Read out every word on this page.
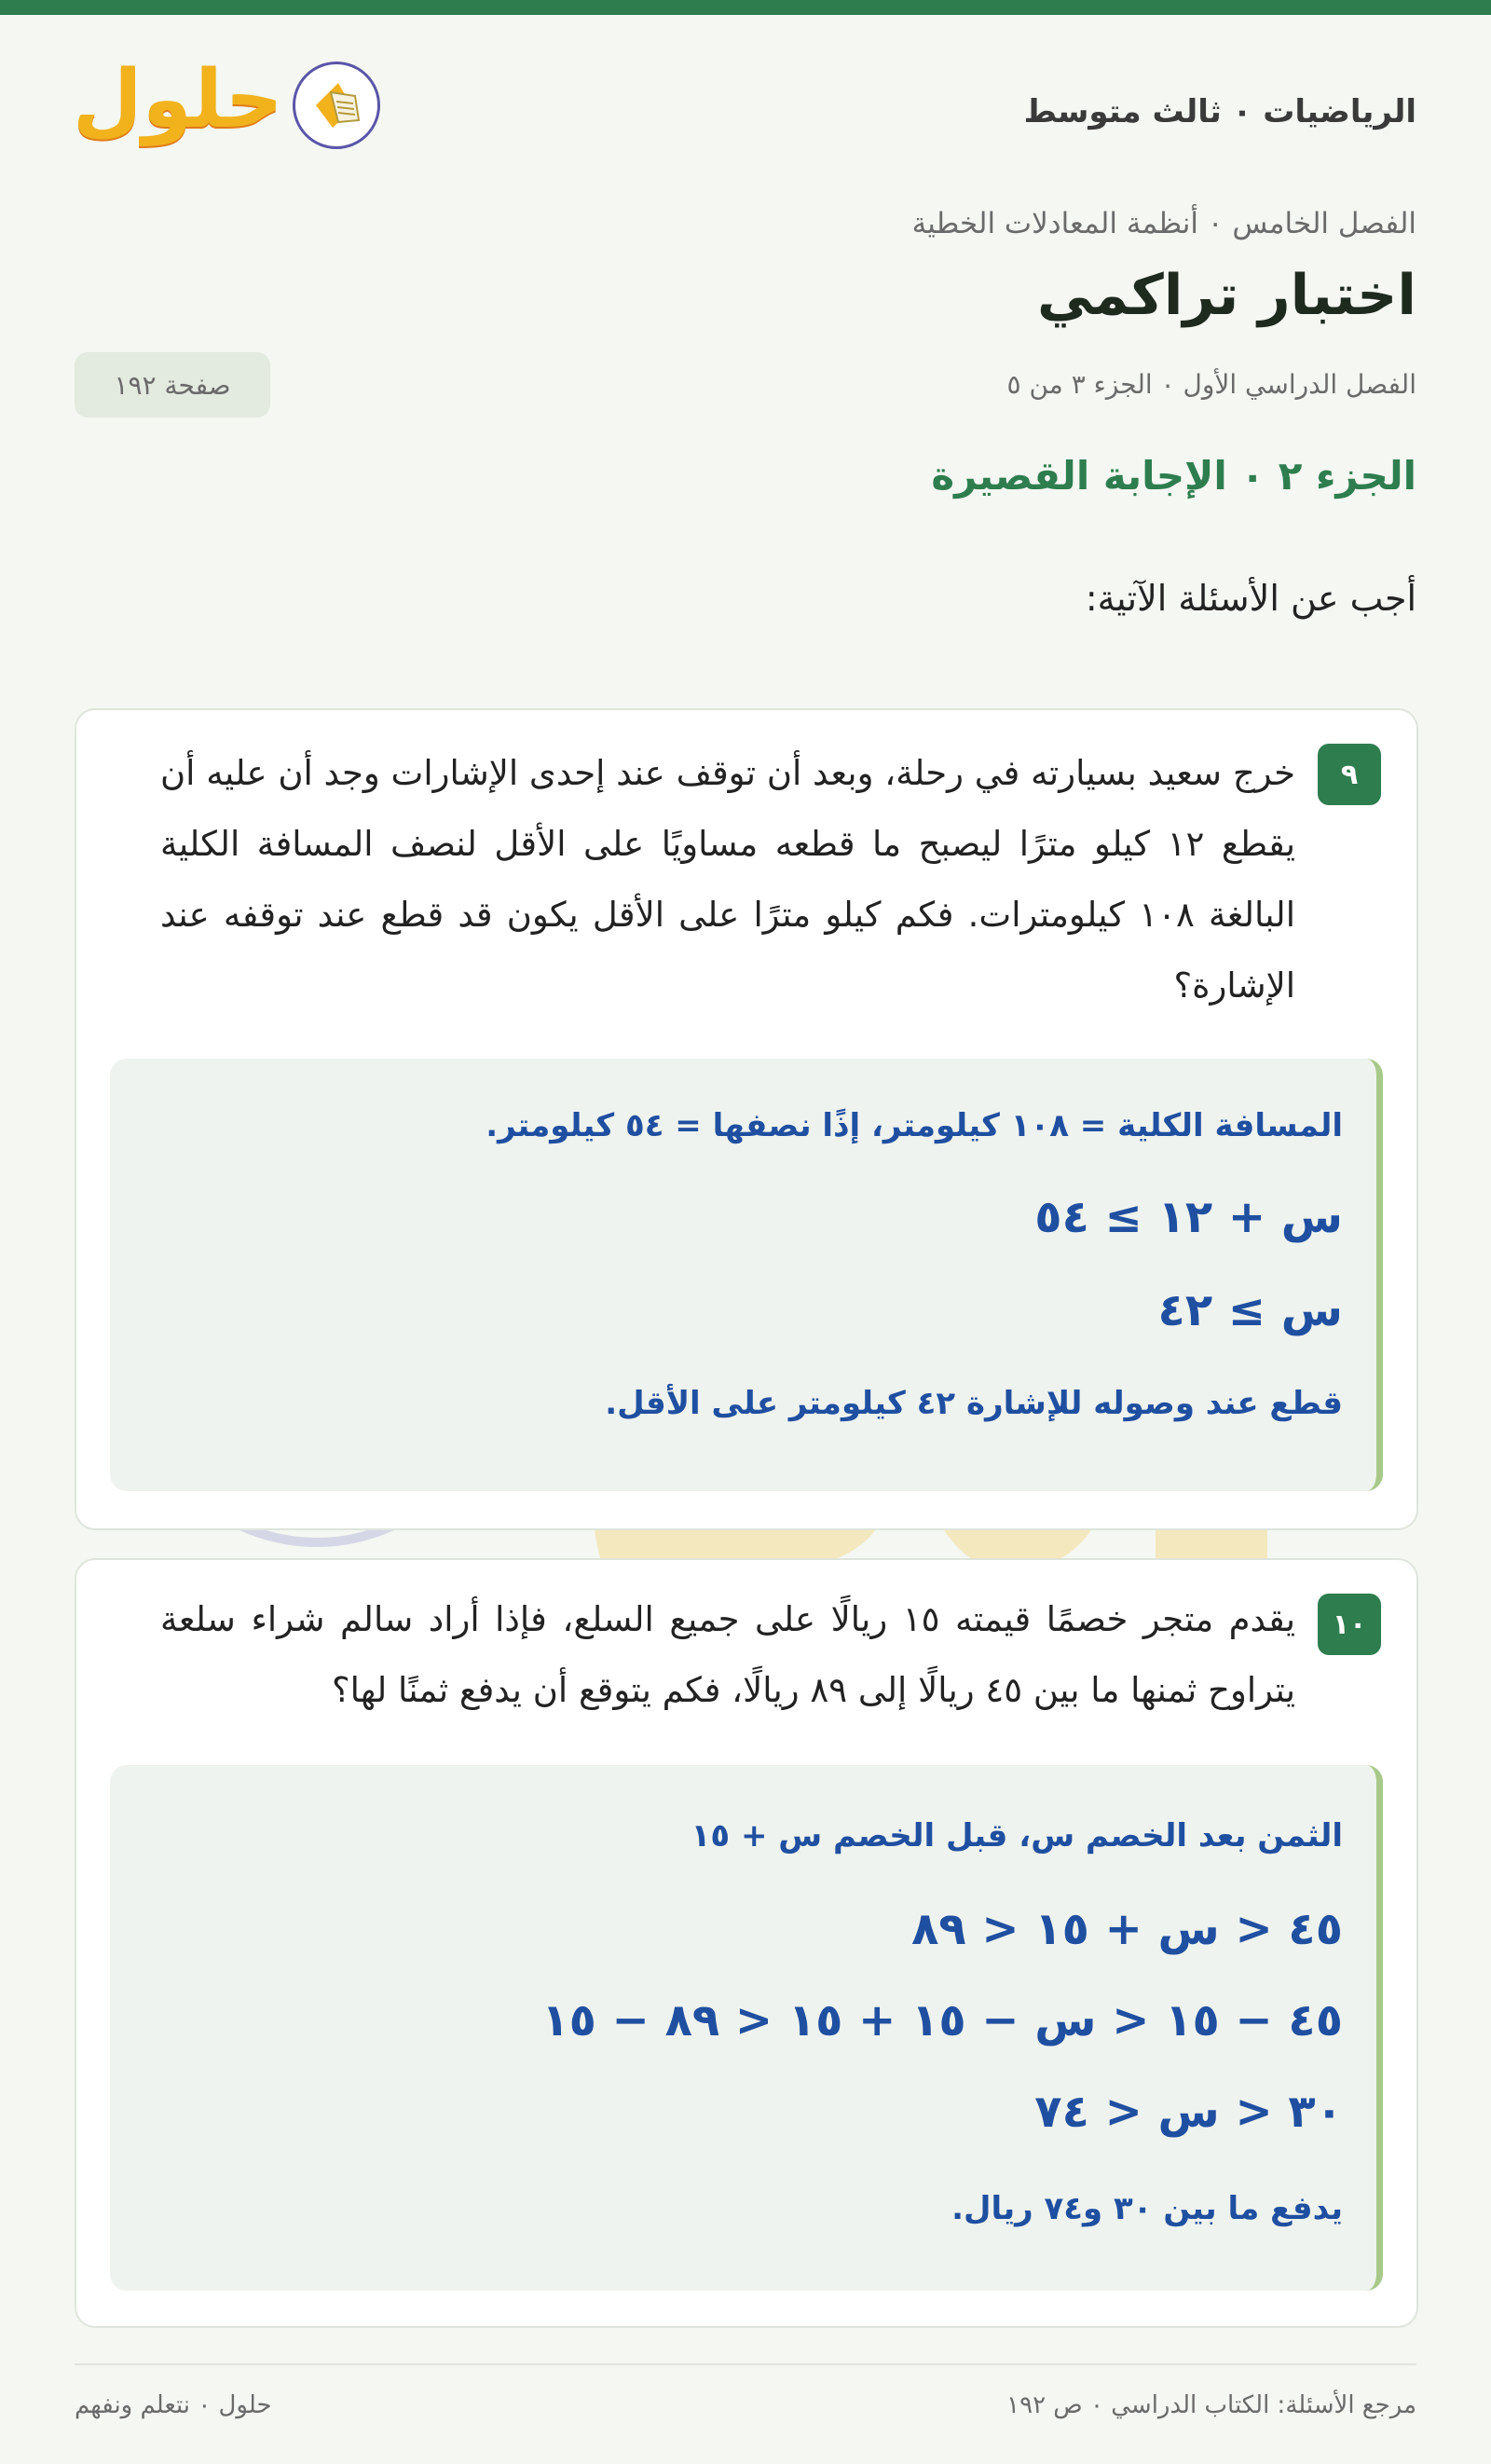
حلول	الرياضيات ٠ ثالث متوسط
الفصل الخامس ٠ أنظمة المعادلات الخطية
اختبار تراكمي
الفصل الدراسي الأول ٠ الجزء ٣ من ٥
صفحة ١٩٢
الجزء ٢ ٠ الإجابة القصيرة
أجب عن الأسئلة الآتية:
٩
خرج سعيد بسيارته في رحلة، وبعد أن توقف عند إحدى الإشارات وجد أن عليه أن يقطع ١٢ كيلو مترًا ليصبح ما قطعه مساويًا على الأقل لنصف المسافة الكلية البالغة ١٠٨ كيلومترات. فكم كيلو مترًا على الأقل يكون قد قطع عند توقفه عند الإشارة؟
المسافة الكلية = ١٠٨ كيلومتر، إذًا نصفها = ٥٤ كيلومتر.
س + ١٢ ≥ ٥٤
س ≥ ٤٢
قطع عند وصوله للإشارة ٤٢ كيلومتر على الأقل.
١٠
يقدم متجر خصمًا قيمته ١٥ ريالًا على جميع السلع، فإذا أراد سالم شراء سلعة يتراوح ثمنها ما بين ٤٥ ريالًا إلى ٨٩ ريالًا، فكم يتوقع أن يدفع ثمنًا لها؟
الثمن بعد الخصم س، قبل الخصم س + ١٥
٤٥ < س + ١٥ < ٨٩
٤٥ − ١٥ < س − ١٥ + ١٥ < ٨٩ − ١٥
٣٠ < س < ٧٤
يدفع ما بين ٣٠ و٧٤ ريال.
مرجع الأسئلة: الكتاب الدراسي ٠ ص ١٩٢
حلول ٠ نتعلم ونفهم
